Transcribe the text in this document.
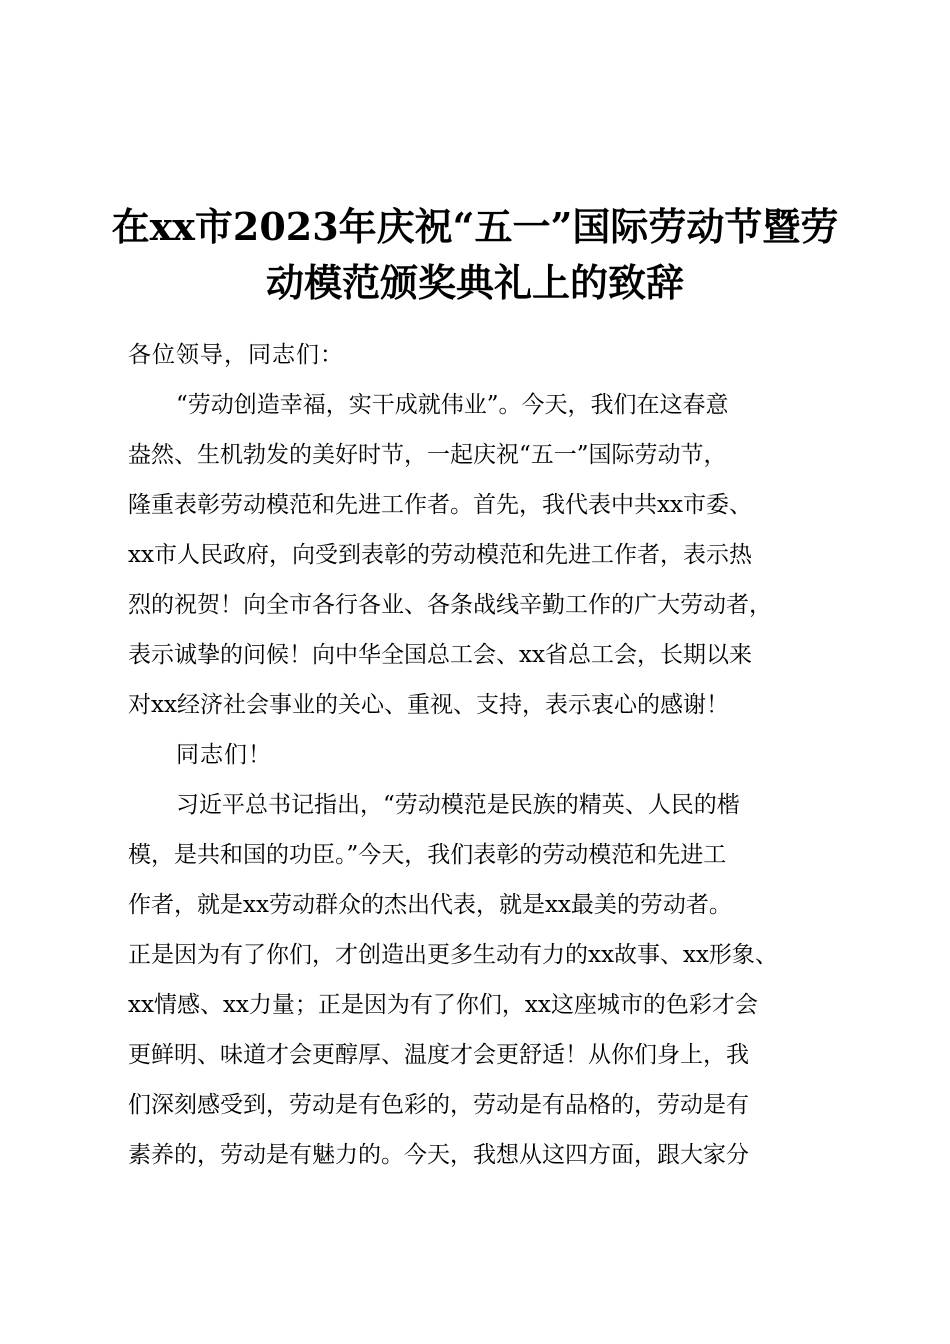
在xx市2023年庆祝“五一”国际劳动节暨劳
动模范颁奖典礼上的致辞
各位领导，同志们：
“劳动创造幸福，实干成就伟业”。今天，我们在这春意
盎然、生机勃发的美好时节，一起庆祝“五一”国际劳动节，
隆重表彰劳动模范和先进工作者。首先，我代表中共xx市委、
xx市人民政府，向受到表彰的劳动模范和先进工作者，表示热
烈的祝贺！向全市各行各业、各条战线辛勤工作的广大劳动者，
表示诚挚的问候！向中华全国总工会、xx省总工会，长期以来
对xx经济社会事业的关心、重视、支持，表示衷心的感谢！
同志们！
习近平总书记指出，“劳动模范是民族的精英、人民的楷
模，是共和国的功臣。”今天，我们表彰的劳动模范和先进工
作者，就是xx劳动群众的杰出代表，就是xx最美的劳动者。
正是因为有了你们，才创造出更多生动有力的xx故事、xx形象、
xx情感、xx力量；正是因为有了你们，xx这座城市的色彩才会
更鲜明、味道才会更醇厚、温度才会更舒适！从你们身上，我
们深刻感受到，劳动是有色彩的，劳动是有品格的，劳动是有
素养的，劳动是有魅力的。今天，我想从这四方面，跟大家分
